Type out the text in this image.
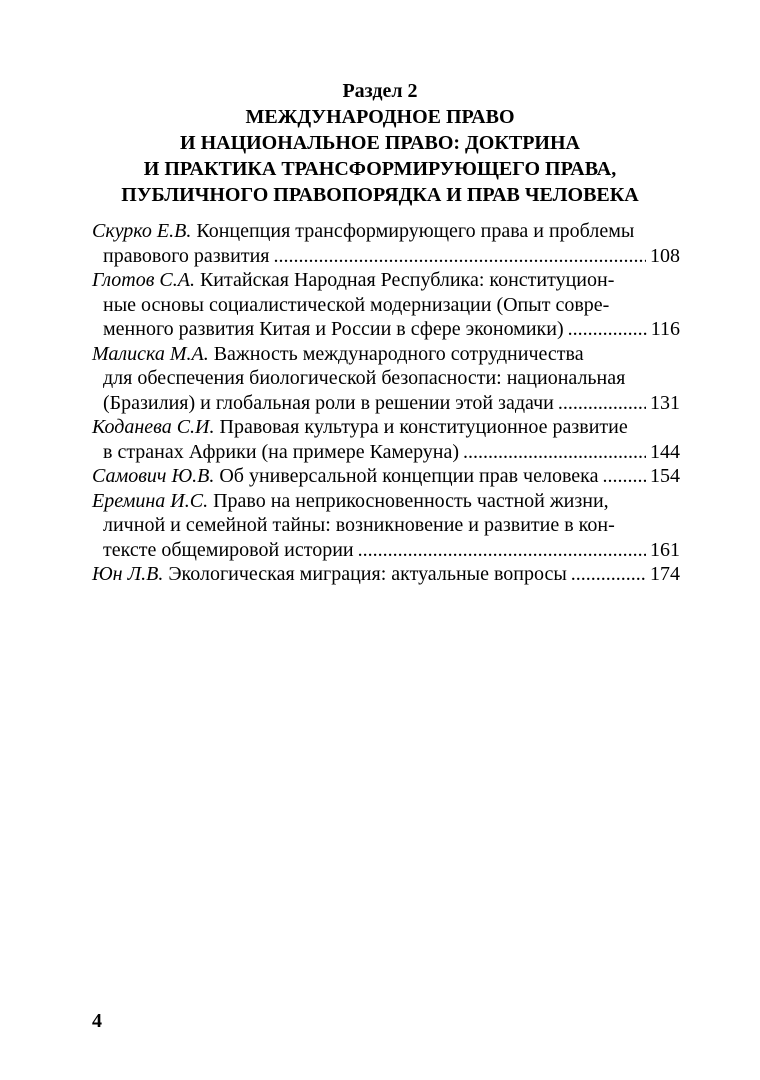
Раздел 2
МЕЖДУНАРОДНОЕ ПРАВО
И НАЦИОНАЛЬНОЕ ПРАВО: ДОКТРИНА
И ПРАКТИКА ТРАНСФОРМИРУЮЩЕГО ПРАВА,
ПУБЛИЧНОГО ПРАВОПОРЯДКА И ПРАВ ЧЕЛОВЕКА
Скурко Е.В. Концепция трансформирующего права и проблемы
правового развития . . .	108
Глотов С.А. Китайская Народная Республика: конституцион-
ные основы социалистической модернизации (Опыт совре-
менного развития Китая и России в сфере экономики) . . .	116
Малиска М.А. Важность международного сотрудничества
для обеспечения биологической безопасности: национальная
(Бразилия) и глобальная роли в решении этой задачи . . .	131
Коданева С.И. Правовая культура и конституционное развитие
в странах Африки (на примере Камеруна) . . .	144
Самович Ю.В. Об универсальной концепции прав человека . . .	154
Еремина И.С. Право на неприкосновенность частной жизни,
личной и семейной тайны: возникновение и развитие в кон-
тексте общемировой истории . . .	161
Юн Л.В. Экологическая миграция: актуальные вопросы . . .	174
4
